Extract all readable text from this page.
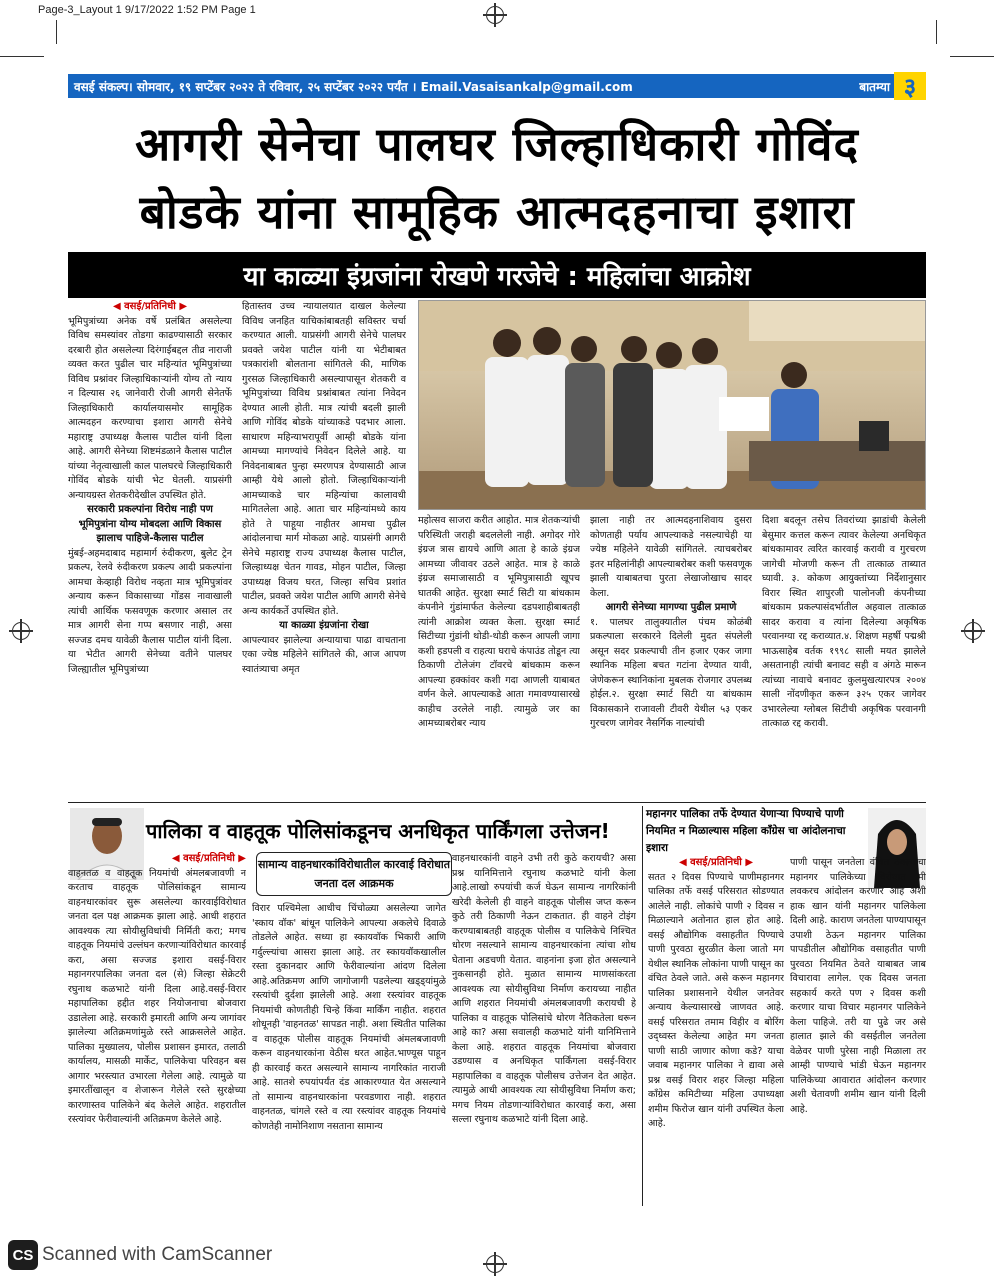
Page-3_Layout 1 9/17/2022 1:52 PM Page 1
वसई संकल्प। सोमवार, १९ सप्टेंबर २०२२ ते रविवार, २५ सप्टेंबर २०२२ पर्यंत । Email.Vasaisankalp@gmail.com	बातम्या ३
आगरी सेनेचा पालघर जिल्हाधिकारी गोविंद
बोडके यांना सामूहिक आत्मदहनाचा इशारा
या काळ्या इंग्रजांना रोखणे गरजेचे : महिलांचा आक्रोश
◀ वसई/प्रतिनिधी ▶
भूमिपुत्रांच्या अनेक वर्षे प्रलंबित असलेल्या विविध समस्यांवर तोडगा काढण्यासाठी सरकार दरबारी होत असलेल्या दिरंगाईबद्दल तीव्र नाराजी व्यक्त करत पुढील चार महिन्यांत भूमिपुत्रांच्या विविध प्रश्नांवर जिल्हाधिकाऱ्यांनी योग्य तो न्याय न दिल्यास २६ जानेवारी रोजी आगरी सेनेतर्फे जिल्हाधिकारी कार्यालयासमोर सामूहिक आत्मदहन करण्याचा इशारा आगरी सेनेचे महाराष्ट्र उपाध्यक्ष कैलास पाटील यांनी दिला आहे. आगरी सेनेच्या शिष्टमंडळाने कैलास पाटील यांच्या नेतृत्वाखाली काल पालघरचे जिल्हाधिकारी गोविंद बोडके यांची भेट घेतली. याप्रसंगी अन्यायग्रस्त शेतकरीदेखील उपस्थित होते.
सरकारी प्रकल्पांना विरोध नाही पण भूमिपुत्रांना योग्य मोबदला आणि विकास झालाच पाहिजे-कैलास पाटील
मुंबई-अहमदाबाद महामार्ग रुंदीकरण, बुलेट ट्रेन प्रकल्प, रेलवे रुंदीकरण प्रकल्प आदी प्रकल्पांना आमचा केव्हाही विरोध नव्हता मात्र भूमिपुत्रांवर अन्याय करून विकासाच्या गोंडस नावाखाली त्यांची आर्थिक फसवणूक करणार असाल तर मात्र आगरी सेना गप्प बसणार नाही, असा सज्जड दमच यावेळी कैलास पाटील यांनी दिला. या भेटीत आगरी सेनेच्या वतीने पालघर जिल्ह्यातील भूमिपुत्रांच्या
हितास्तव उच्च न्यायालयात दाखल केलेल्या विविध जनहित याचिकांबाबतही सविस्तर चर्चा करण्यात आली. याप्रसंगी आगरी सेनेचे पालघर प्रवक्ते जयेश पाटील यांनी या भेटीबाबत पत्रकारांशी बोलताना सांगितले की, माणिक गुरसळ जिल्हाधिकारी असल्यापासून शेतकरी व भूमिपुत्रांच्या विविध प्रश्नांबाबत त्यांना निवेदन देण्यात आली होती. मात्र त्यांची बदली झाली आणि गोविंद बोडके यांच्याकडे पदभार आला. साधारण महिन्याभरापूर्वी आम्ही बोडके यांना आमच्या मागण्यांचे निवेदन दिलेले आहे. या निवेदनाबाबत पुन्हा स्मरणपत्र देण्यासाठी आज आम्ही येथे आलो होतो. जिल्हाधिकाऱ्यांनी आमच्याकडे चार महिन्यांचा कालावधी मागितलेला आहे. आता चार महिन्यांमध्ये काय होते ते पाहूया नाहीतर आमचा पुढील आंदोलनाचा मार्ग मोकळा आहे. याप्रसंगी आगरी सेनेचे महाराष्ट्र राज्य उपाध्यक्ष कैलास पाटील, जिल्हाध्यक्ष चेतन गावड, मोहन पाटील, जिल्हा उपाध्यक्ष विजय घरत, जिल्हा सचिव प्रशांत पाटील, प्रवक्ते जयेश पाटील आणि आगरी सेनेचे अन्य कार्यकर्ते उपस्थित होते.
या काळ्या इंग्रजांना रोखा
आपल्यावर झालेल्या अन्यायाचा पाढा वाचताना एका ज्येष्ठ महिलेने सांगितले की, आज आपण स्वातंत्र्याचा अमृत
महोत्सव साजरा करीत आहोत. मात्र शेतकऱ्यांची परिस्थिती जराही बदललेली नाही. अगोदर गोरे इंग्रज त्रास द्यायचे आणि आता हे काळे इंग्रज आमच्या जीवावर उठले आहेत. मात्र हे काळे इंग्रज समाजासाठी व भूमिपुत्रासाठी खूपच घातकी आहेत. सुरक्षा स्मार्ट सिटी या बांधकाम कंपनीने गुंडांमार्फत केलेल्या दडपशाहीबाबतही त्यांनी आक्रोश व्यक्त केला. सुरक्षा स्मार्ट सिटीच्या गुंडांनी थोडी-थोडी करून आपली जागा कशी हडपली व राहत्या घराचे कंपाउंड तोडून त्या ठिकाणी टोलेजंग टॉवरचे बांधकाम करून आपल्या हक्कांवर कशी गदा आणली याबाबत वर्णन केले. आपल्याकडे आता गमावण्यासारखे काहीच उरलेले नाही. त्यामुळे जर का आमच्याबरोबर न्याय
झाला नाही तर आत्मदहनाशिवाय दुसरा कोणताही पर्याय आपल्याकडे नसल्याचेही या ज्येष्ठ महिलेने यावेळी सांगितले. त्याचबरोबर इतर महिलांनीही आपल्याबरोबर कशी फसवणूक झाली याबाबतचा पुरता लेखाजोखाच सादर केला.
आगरी सेनेच्या मागण्या पुढील प्रमाणे
१. पालघर तालुक्यातील पंचम कोळंबी प्रकल्पाला सरकारने दिलेली मुदत संपलेली असून सदर प्रकल्पाची तीन हजार एकर जागा स्थानिक महिला बचत गटांना देण्यात यावी, जेणेकरून स्थानिकांना मुबलक रोजगार उपलब्ध होईल.२. सुरक्षा स्मार्ट सिटी या बांधकाम विकासकाने राजावली टीवरी येथील ५३ एकर गुरचरण जागेवर नैसर्गिक नाल्यांची
दिशा बदलून तसेच तिवरांच्या झाडांची केलेली बेसुमार कत्तल करून त्यावर केलेल्या अनधिकृत बांधकामावर त्वरित कारवाई करावी व गुरचरण जागेची मोजणी करून ती तात्काळ ताब्यात घ्यावी. ३. कोकण आयुक्तांच्या निर्देशानुसार विरार स्थित शापुरजी पालोनजी कंपनीच्या बांधकाम प्रकल्पासंदर्भातील अहवाल तात्काळ सादर करावा व त्यांना दिलेल्या अकृषिक परवानग्या रद्द कराव्यात.४. शिक्षण महर्षी पद्मश्री भाऊसाहेब वर्तक १९९८ साली मयत झालेले असतानाही त्यांची बनावट सही व अंगठे मारून त्यांच्या नावाचे बनावट कुलमुखत्यारपत्र २००४ साली नोंदणीकृत करून ३२५ एकर जागेवर उभारलेल्या ग्लोबल सिटीची अकृषिक परवानगी तात्काळ रद्द करावी.
पालिका व वाहतूक पोलिसांकडूनच अनधिकृत पार्किंगला उत्तेजन!
◀ वसई/प्रतिनिधी ▶
वाहनतळ व वाहतूक नियमांची अंमलबजावणी न करताच वाहतूक पोलिसांकडून सामान्य वाहनधारकांवर सुरू असलेल्या कारवाईविरोधात जनता दल पक्ष आक्रमक झाला आहे. आधी शहरात आवश्यक त्या सोयीसुविधांची निर्मिती करा; मगच वाहतूक नियमांचे उल्लंघन करणाऱ्यांविरोधात कारवाई करा, असा सज्जड इशारा वसई-विरार महानगरपालिका जनता दल (से) जिल्हा सेक्रेटरी रघुनाथ कळभाटे यांनी दिला आहे.वसई-विरार महापालिका हद्दीत शहर नियोजनाचा बोजवारा उडालेला आहे. सरकारी इमारती आणि अन्य जागांवर झालेल्या अतिक्रमणांमुळे रस्ते आक्रसलेले आहेत. पालिका मुख्यालय, पोलीस प्रशासन इमारत, तलाठी कार्यालय, मासळी मार्केट, पालिकेचा परिवहन बस आगार भरस्त्यात उभारला गेलेला आहे. त्यामुळे या इमारतींखालून व शेजारून गेलेले रस्ते सुरक्षेच्या कारणास्तव पालिकेने बंद केलेले आहेत. शहरातील रस्त्यांवर फेरीवाल्यांनी अतिक्रमण केलेले आहे.
सामान्य वाहनधारकांविरोधातील कारवाई विरोधात जनता दल आक्रमक
विरार पश्चिमेला आधीच चिंचोळ्या असलेल्या जागेत 'स्काय वॉक' बांधून पालिकेने आपल्या अकलेचे दिवाळे तोडलेले आहेत. सध्या हा स्कायवॉक भिकारी आणि गर्दुल्ल्यांचा आसरा झाला आहे. तर स्कायवॉकखालील रस्ता दुकानदार आणि फेरीवाल्यांना आंदण दिलेला आहे.अतिक्रमण आणि जागोजागी पडलेल्या खड्ड्यांमुळे रस्त्यांची दुर्दशा झालेली आहे. अशा रस्त्यांवर वाहतूक नियमांची कोणतीही चिन्हे किंवा मार्किंग नाहीत. शहरात शोधूनही 'वाहनतळ' सापडत नाही. अशा स्थितीत पालिका व वाहतूक पोलीस वाहतूक नियमांची अंमलबजावणी करून वाहनधारकांना वेठीस धरत आहेत.भाण्यूस पाहून ही कारवाई करत असल्याने सामान्य नागरिकांत नाराजी आहे. सातशे रुपयांपर्यंत दंड आकारण्यात येत असल्याने तो सामान्य वाहनधारकांना परवडणारा नाही. शहरात वाहनतळ, चांगले रस्ते व त्या रस्त्यांवर वाहतूक नियमांचे कोणतेही नामोनिशाण नसताना सामान्य
वाहनधारकांनी वाहने उभी तरी कुठे करायची? असा प्रश्न यानिमित्ताने रघुनाथ कळभाटे यांनी केला आहे.लाखो रुपयांची कर्ज घेऊन सामान्य नागरिकांनी खरेदी केलेली ही वाहने वाहतूक पोलीस जप्त करून कुठे तरी ठिकाणी नेऊन टाकतात. ही वाहने टोइंग करण्याबाबतही वाहतूक पोलीस व पालिकेचे निश्चित धोरण नसल्याने सामान्य वाहनधारकांना त्यांचा शोध घेताना अडचणी येतात. वाहनांना इजा होत असल्याने नुकसानही होते. मुळात सामान्य माणसांकरता आवश्यक त्या सोयीसुविधा निर्माण करायच्या नाहीत आणि शहरात नियमांची अंमलबजावणी करायची हे पालिका व वाहतूक पोलिसांचे धोरण नैतिकतेला धरून आहे का? असा सवालही कळभाटे यांनी यानिमित्ताने केला आहे. शहरात वाहतूक नियमांचा बोजवारा उडण्यास व अनधिकृत पार्किंगला वसई-विरार महापालिका व वाहतूक पोलीसच उत्तेजन देत आहेत. त्यामुळे आधी आवश्यक त्या सोयीसुविधा निर्माण करा; मगच नियम तोडणाऱ्यांविरोधात कारवाई करा, असा सल्ला रघुनाथ कळभाटे यांनी दिला आहे.
महानगर पालिका तर्फे देण्यात येणाऱ्या पिण्याचे पाणी नियमित न मिळाल्यास महिला काँग्रेस चा आंदोलनाचा इशारा
◀ वसई/प्रतिनिधी ▶
सतत २ दिवस पिण्याचे पाणीमहानगर पालिका तर्फे वसई परिसरात सोडण्यात आलेले नाही. लोकांचे पाणी २ दिवस न मिळाल्याने अतोनात हाल होत आहे. वसई औद्योगिक वसाहतीत पिण्याचे पाणी पुरवठा सुरळीत केला जातो मग येथील स्थानिक लोकांना पाणी पासून का वंचित ठेवले जाते. असे करून महानगर पालिका प्रशासनाने येथील जनतेवर अन्याय केल्यासारखे जाणवत आहे. वसई परिसरात तमाम विहीर व बोरिंग उद्ध्वस्त केलेल्या आहेत मग जनता पाणी साठी जाणार कोणा कडे? याचा जवाब महानगर पालिका ने द्यावा असे प्रश्न वसई विरार शहर जिल्हा महिला काँग्रेस कमिटीच्या महिला उपाध्यक्षा शमीम फिरोज खान यांनी उपस्थित केला आहे.
पाणी पासून जनतेला वंचित ठेवल्याचा महानगर पालिकेच्या विरोधात मी लवकरच आंदोलन करणार आहे अशी हाक खान यांनी महानगर पालिकेला दिली आहे. काराण जनतेला पाण्यापासून उपाशी ठेऊन महानगर पालिका पापडीतील औद्योगिक वसाहतीत पाणी पुरवठा नियमित ठेवते याबाबत जाब विचारावा लागेल. एक दिवस जनता सहकार्य करते पण २ दिवस कशी करणार याचा विचार महानगर पालिकेने केला पाहिजे. तरी या पुढे जर असे हालात झाले की वसईतील जनतेला वेळेवर पाणी पुरेसा नाही मिळाला तर आम्ही पाण्याचे भांडी घेऊन महानगर पालिकेच्या आवारात आंदोलन करणार अशी चेतावणी शमीम खान यांनी दिली आहे.
CS Scanned with CamScanner
